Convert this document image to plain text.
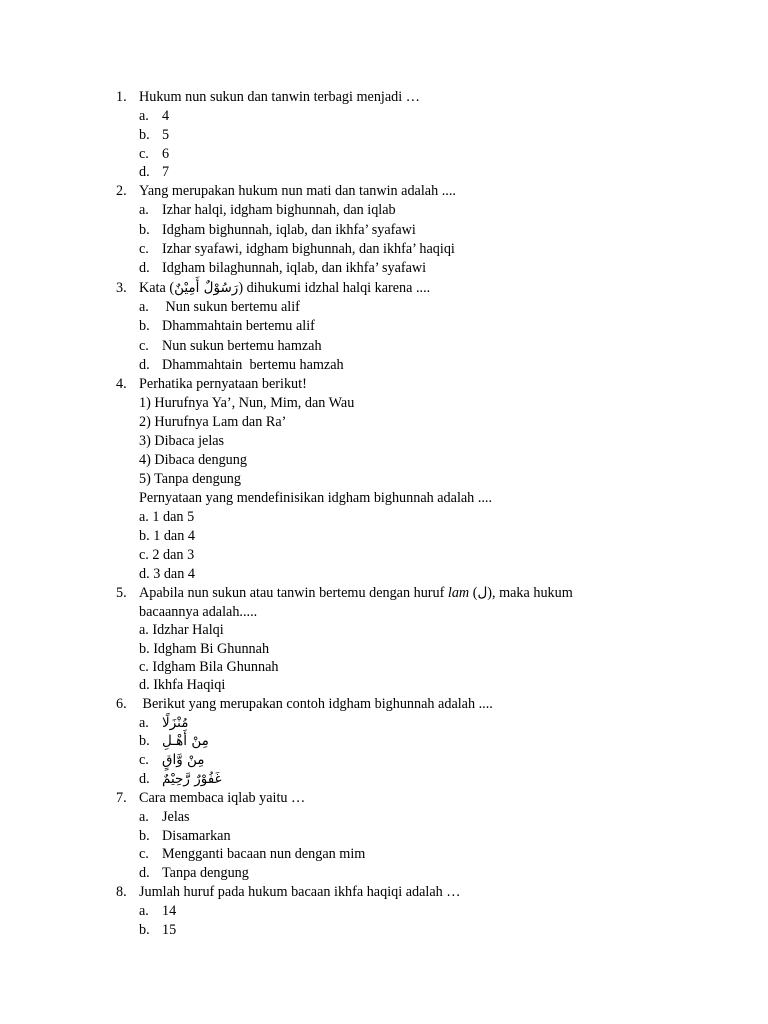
1. Hukum nun sukun dan tanwin terbagi menjadi …
a. 4
b. 5
c. 6
d. 7
2. Yang merupakan hukum nun mati dan tanwin adalah ....
a. Izhar halqi, idgham bighunnah, dan iqlab
b. Idgham bighunnah, iqlab, dan ikhfa’ syafawi
c. Izhar syafawi, idgham bighunnah, dan ikhfa’ haqiqi
d. Idgham bilaghunnah, iqlab, dan ikhfa’ syafawi
3. Kata (رَسُوْلٌ أَمِيْنٌ) dihukumi idzhal halqi karena ....
a. Nun sukun bertemu alif
b. Dhammahtain bertemu alif
c. Nun sukun bertemu hamzah
d. Dhammahtain  bertemu hamzah
4. Perhatika pernyataan berikut!
1) Hurufnya Ya’, Nun, Mim, dan Wau
2) Hurufnya Lam dan Ra’
3) Dibaca jelas
4) Dibaca dengung
5) Tanpa dengung
Pernyataan yang mendefinisikan idgham bighunnah adalah ....
a. 1 dan 5
b. 1 dan 4
c. 2 dan 3
d. 3 dan 4
5. Apabila nun sukun atau tanwin bertemu dengan huruf lam (ل), maka hukum bacaannya adalah.....
a. Idzhar Halqi
b. Idgham Bi Ghunnah
c. Idgham Bila Ghunnah
d. Ikhfa Haqiqi
6. Berikut yang merupakan contoh idgham bighunnah adalah ....
a. مُنْزَلًا
b. مِنْ أَهْـلِ
c. مِنْ وَّاقٍ
d. غَفُوْرٌ رَّحِيْمٌ
7. Cara membaca iqlab yaitu …
a. Jelas
b. Disamarkan
c. Mengganti bacaan nun dengan mim
d. Tanpa dengung
8. Jumlah huruf pada hukum bacaan ikhfa haqiqi adalah …
a. 14
b. 15
